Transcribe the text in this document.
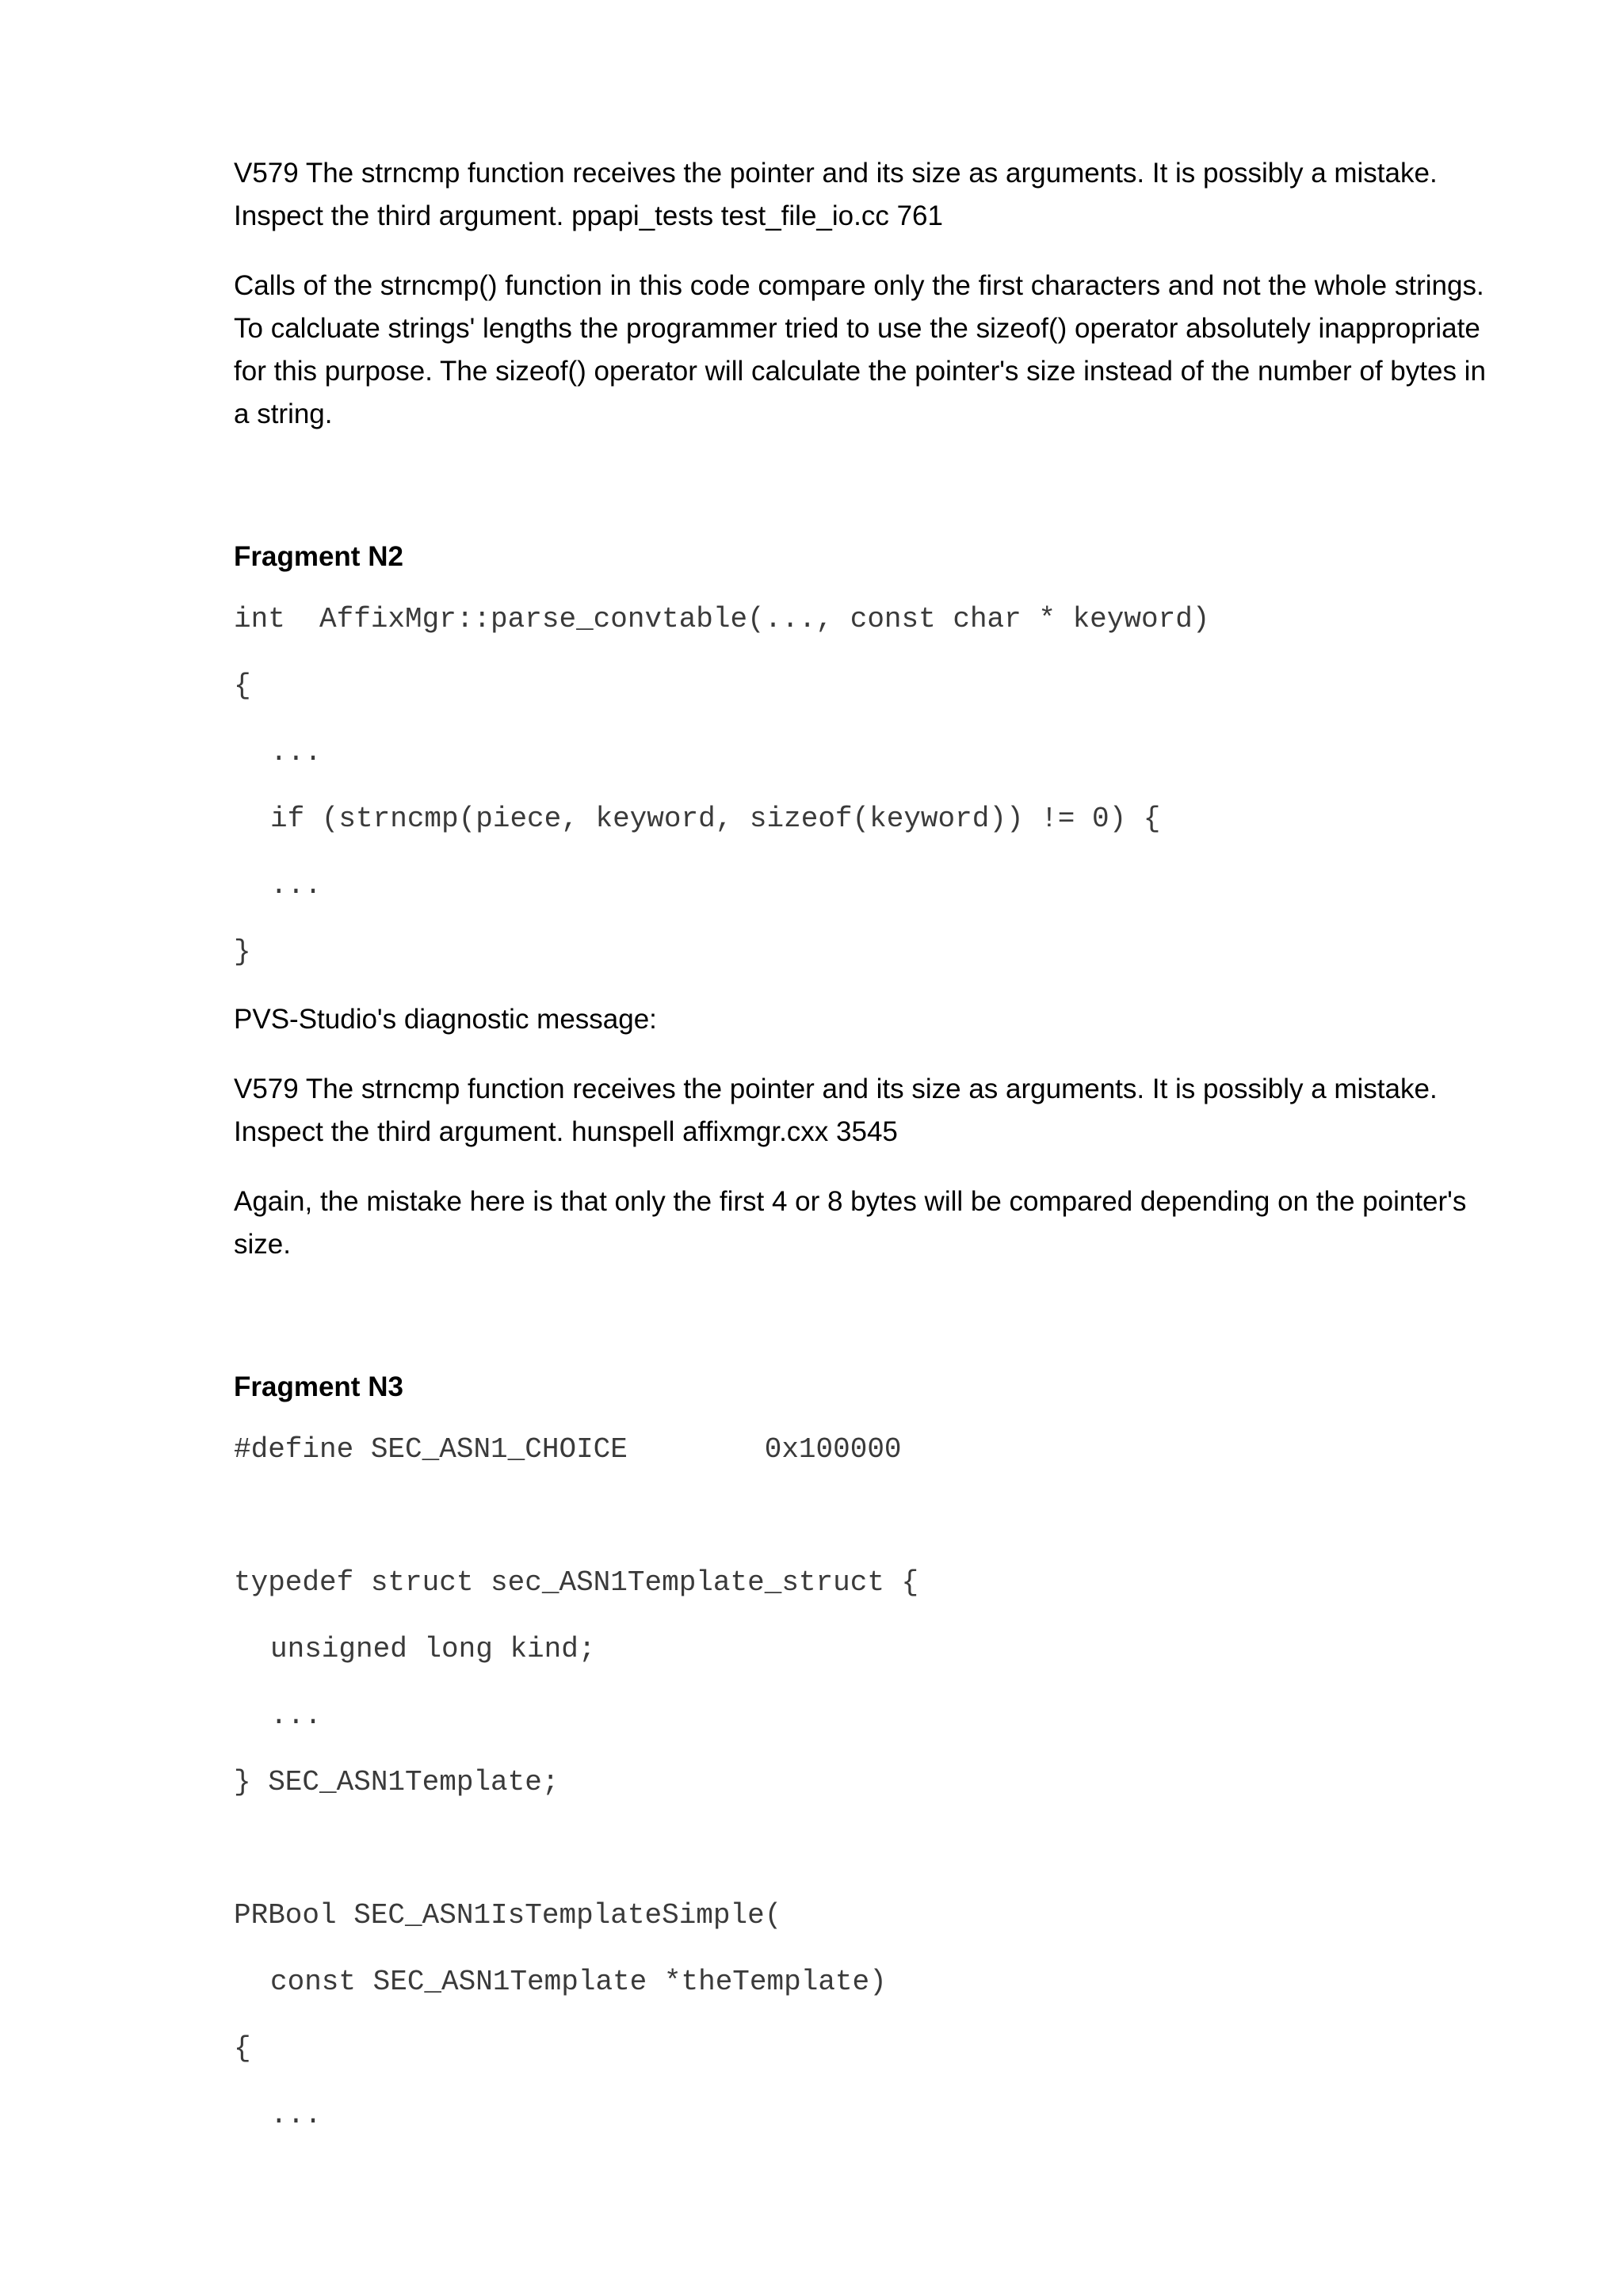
V579 The strncmp function receives the pointer and its size as arguments. It is possibly a mistake.
Inspect the third argument. ppapi_tests test_file_io.cc 761

Calls of the strncmp() function in this code compare only the first characters and not the whole strings.
To calcluate strings' lengths the programmer tried to use the sizeof() operator absolutely inappropriate
for this purpose. The sizeof() operator will calculate the pointer's size instead of the number of bytes in
a string.

Fragment N2
int  AffixMgr::parse_convtable(..., const char * keyword)
{
...
if (strncmp(piece, keyword, sizeof(keyword)) != 0) {
...
}

PVS-Studio's diagnostic message:

V579 The strncmp function receives the pointer and its size as arguments. It is possibly a mistake.
Inspect the third argument. hunspell affixmgr.cxx 3545

Again, the mistake here is that only the first 4 or 8 bytes will be compared depending on the pointer's
size.

Fragment N3
#define SEC_ASN1_CHOICE        0x100000
typedef struct sec_ASN1Template_struct {
unsigned long kind;
...
} SEC_ASN1Template;
PRBool SEC_ASN1IsTemplateSimple(
const SEC_ASN1Template *theTemplate)
{
...
